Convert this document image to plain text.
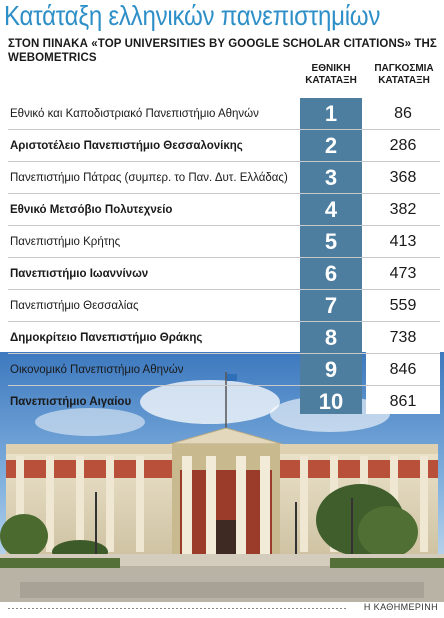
Κατάταξη ελληνικών πανεπιστημίων
ΣΤΟΝ ΠΙΝΑΚΑ «TOP UNIVERSITIES BY GOOGLE SCHOLAR CITATIONS» ΤΗΣ WEBOMETRICS
ΕΘΝΙΚΗ ΚΑΤΑΤΑΞΗ
ΠΑΓΚΟΣΜΙΑ ΚΑΤΑΤΑΞΗ
Εθνικό και Καποδιστριακό Πανεπιστήμιο Αθηνών	1	86
Αριστοτέλειο Πανεπιστήμιο Θεσσαλονίκης	2	286
Πανεπιστήμιο Πάτρας (συμπερ. το Παν. Δυτ. Ελλάδας)	3	368
Εθνικό Μετσόβιο Πολυτεχνείο	4	382
Πανεπιστήμιο Κρήτης	5	413
Πανεπιστήμιο Ιωαννίνων	6	473
Πανεπιστήμιο Θεσσαλίας	7	559
Δημοκρίτειο Πανεπιστήμιο Θράκης	8	738
Οικονομικό Πανεπιστήμιο Αθηνών	9	846
Πανεπιστήμιο Αιγαίου	10	861
Η ΚΑΘΗΜΕΡΙΝΗ
